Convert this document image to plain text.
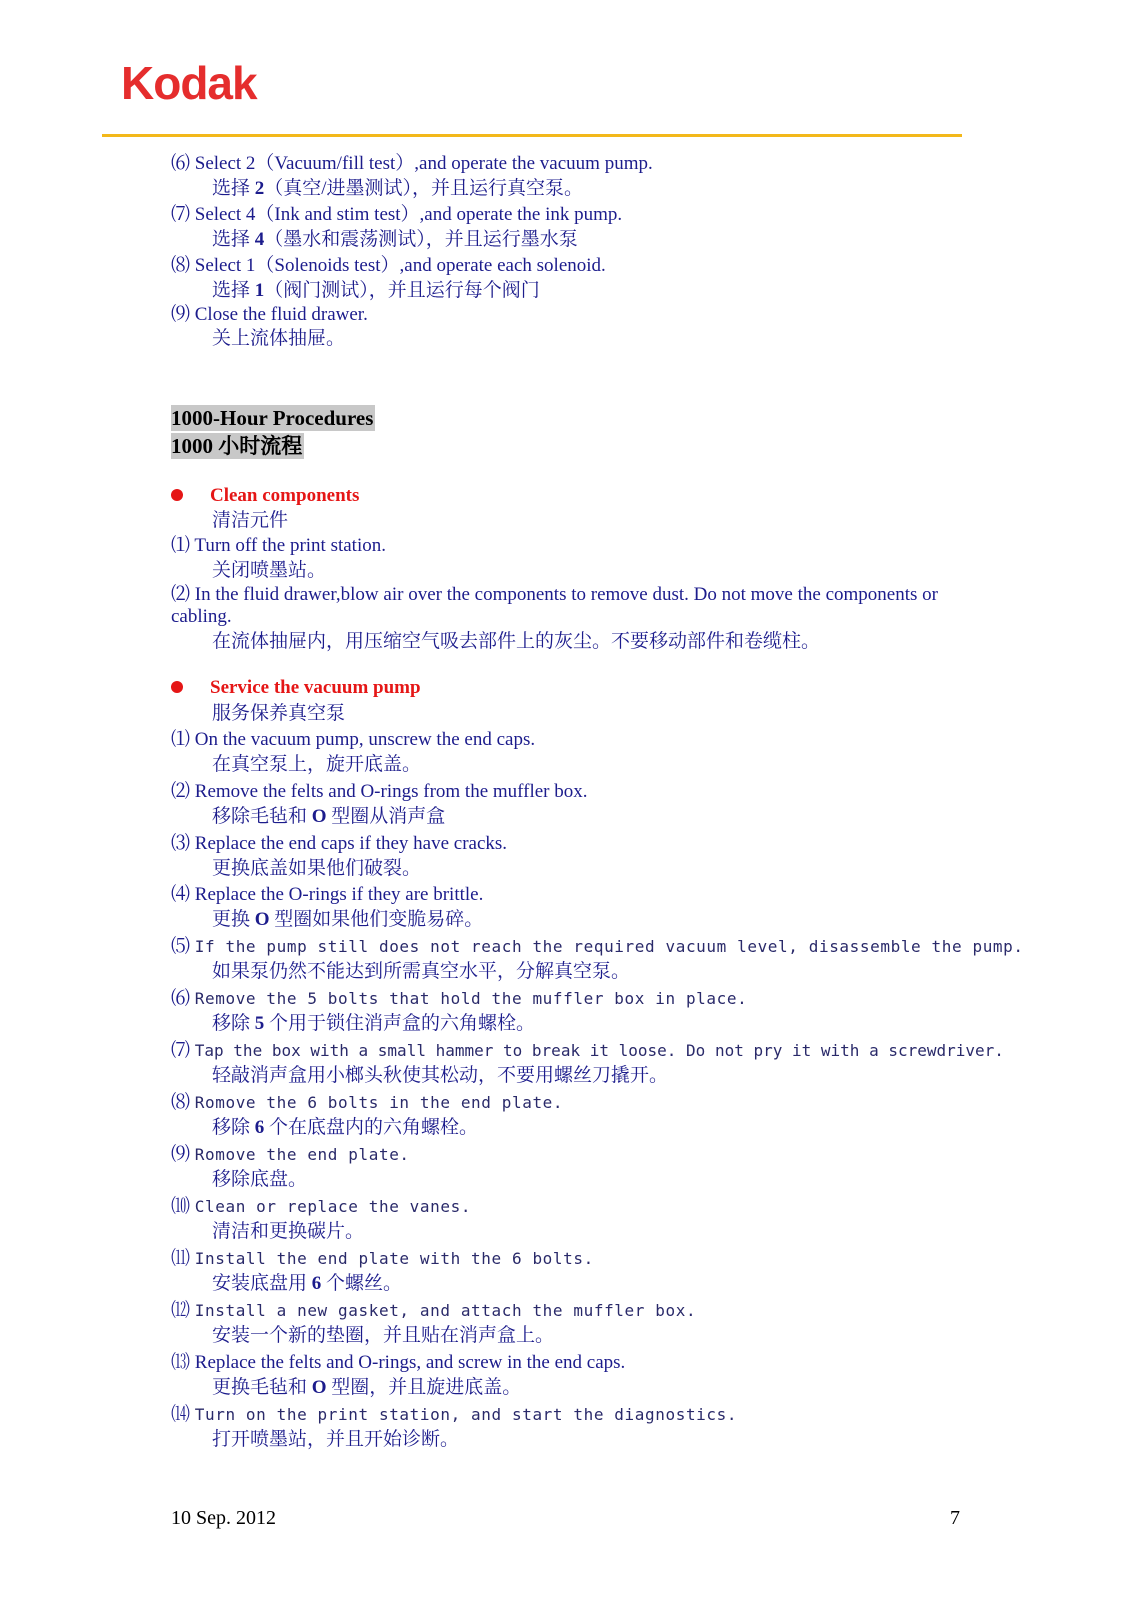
Kodak
⑹ Select 2（Vacuum/fill test）,and operate the vacuum pump.
选择 2（真空/进墨测试），并且运行真空泵。
⑺ Select 4（Ink and stim test）,and operate the ink pump.
选择 4（墨水和震荡测试），并且运行墨水泵
⑻ Select 1（Solenoids test）,and operate each solenoid.
选择 1（阀门测试），并且运行每个阀门
⑼ Close the fluid drawer.
关上流体抽屉。
1000-Hour Procedures
1000 小时流程
Clean components
清洁元件
⑴ Turn off the print station.
关闭喷墨站。
⑵ In the fluid drawer,blow air over the components to remove dust. Do not move the components or cabling.
在流体抽屉内，用压缩空气吸去部件上的灰尘。不要移动部件和卷缆柱。
Service the vacuum pump
服务保养真空泵
⑴ On the vacuum pump, unscrew the end caps.
在真空泵上，旋开底盖。
⑵ Remove the felts and O-rings from the muffler box.
移除毛毡和 O 型圈从消声盒
⑶ Replace the end caps if they have cracks.
更换底盖如果他们破裂。
⑷ Replace the O-rings if they are brittle.
更换 O 型圈如果他们变脆易碎。
⑸ If the pump still does not reach the required vacuum level, disassemble the pump.
如果泵仍然不能达到所需真空水平，分解真空泵。
⑹ Remove the 5 bolts that hold the muffler box in place.
移除 5 个用于锁住消声盒的六角螺栓。
⑺ Tap the box with a small hammer to break it loose. Do not pry it with a screwdriver.
轻敲消声盒用小榔头秋使其松动，不要用螺丝刀撬开。
⑻ Romove the 6 bolts in the end plate.
移除 6 个在底盘内的六角螺栓。
⑼ Romove the end plate.
移除底盘。
⑽ Clean or replace the vanes.
清洁和更换碳片。
⑾ Install the end plate with the 6 bolts.
安装底盘用 6 个螺丝。
⑿ Install a new gasket, and attach the muffler box.
安装一个新的垫圈，并且贴在消声盒上。
⒀ Replace the felts and O-rings, and screw in the end caps.
更换毛毡和 O 型圈，并且旋进底盖。
⒁ Turn on the print station, and start the diagnostics.
打开喷墨站，并且开始诊断。
10 Sep. 2012	7
